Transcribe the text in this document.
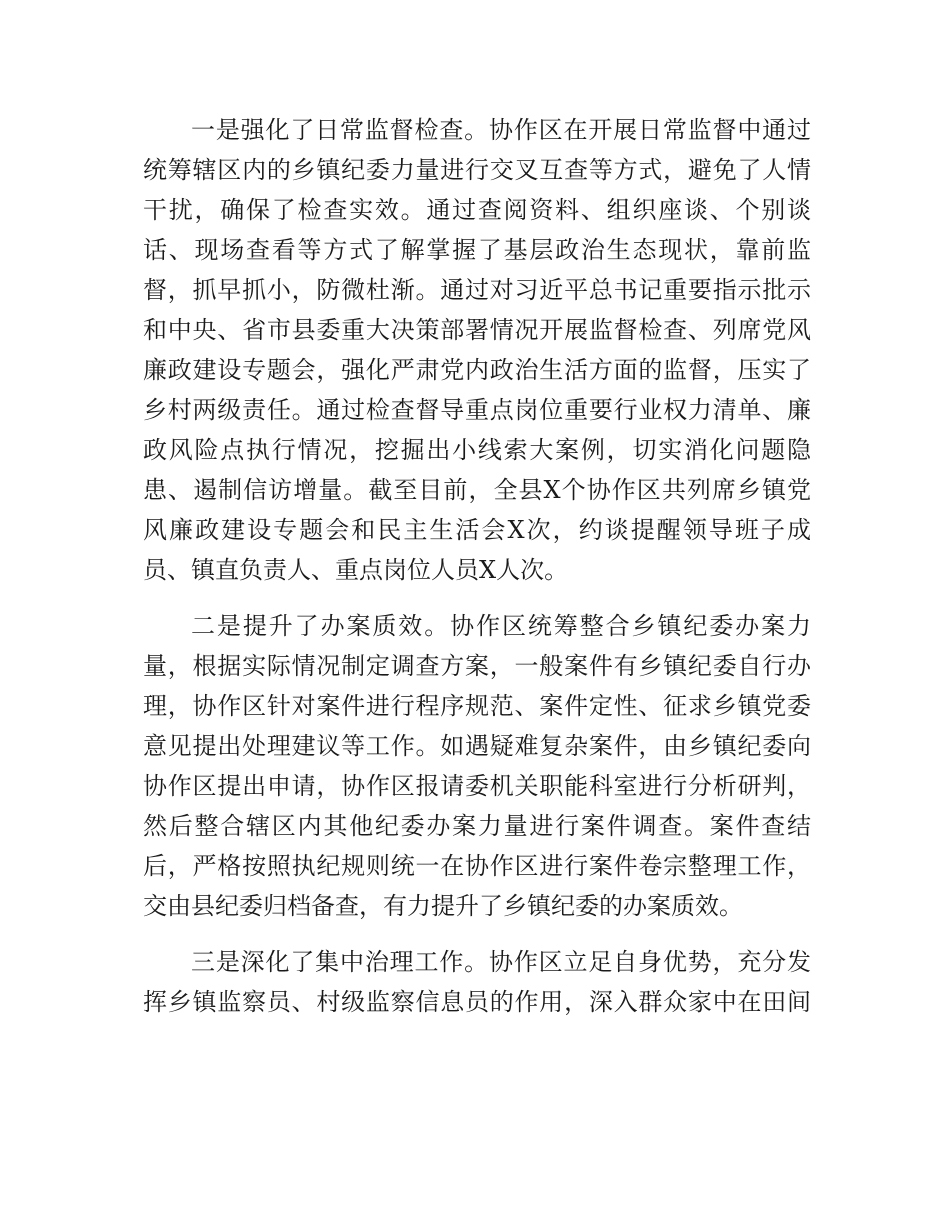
一是强化了日常监督检查。协作区在开展日常监督中通过
统筹辖区内的乡镇纪委力量进行交叉互查等方式，避免了人情
干扰，确保了检查实效。通过查阅资料、组织座谈、个别谈
话、现场查看等方式了解掌握了基层政治生态现状，靠前监
督，抓早抓小，防微杜渐。通过对习近平总书记重要指示批示
和中央、省市县委重大决策部署情况开展监督检查、列席党风
廉政建设专题会，强化严肃党内政治生活方面的监督，压实了
乡村两级责任。通过检查督导重点岗位重要行业权力清单、廉
政风险点执行情况，挖掘出小线索大案例，切实消化问题隐
患、遏制信访增量。截至目前，全县X个协作区共列席乡镇党
风廉政建设专题会和民主生活会X次，约谈提醒领导班子成
员、镇直负责人、重点岗位人员X人次。
二是提升了办案质效。协作区统筹整合乡镇纪委办案力
量，根据实际情况制定调查方案，一般案件有乡镇纪委自行办
理，协作区针对案件进行程序规范、案件定性、征求乡镇党委
意见提出处理建议等工作。如遇疑难复杂案件，由乡镇纪委向
协作区提出申请，协作区报请委机关职能科室进行分析研判，
然后整合辖区内其他纪委办案力量进行案件调查。案件查结
后，严格按照执纪规则统一在协作区进行案件卷宗整理工作，
交由县纪委归档备查，有力提升了乡镇纪委的办案质效。
三是深化了集中治理工作。协作区立足自身优势，充分发
挥乡镇监察员、村级监察信息员的作用，深入群众家中在田间
